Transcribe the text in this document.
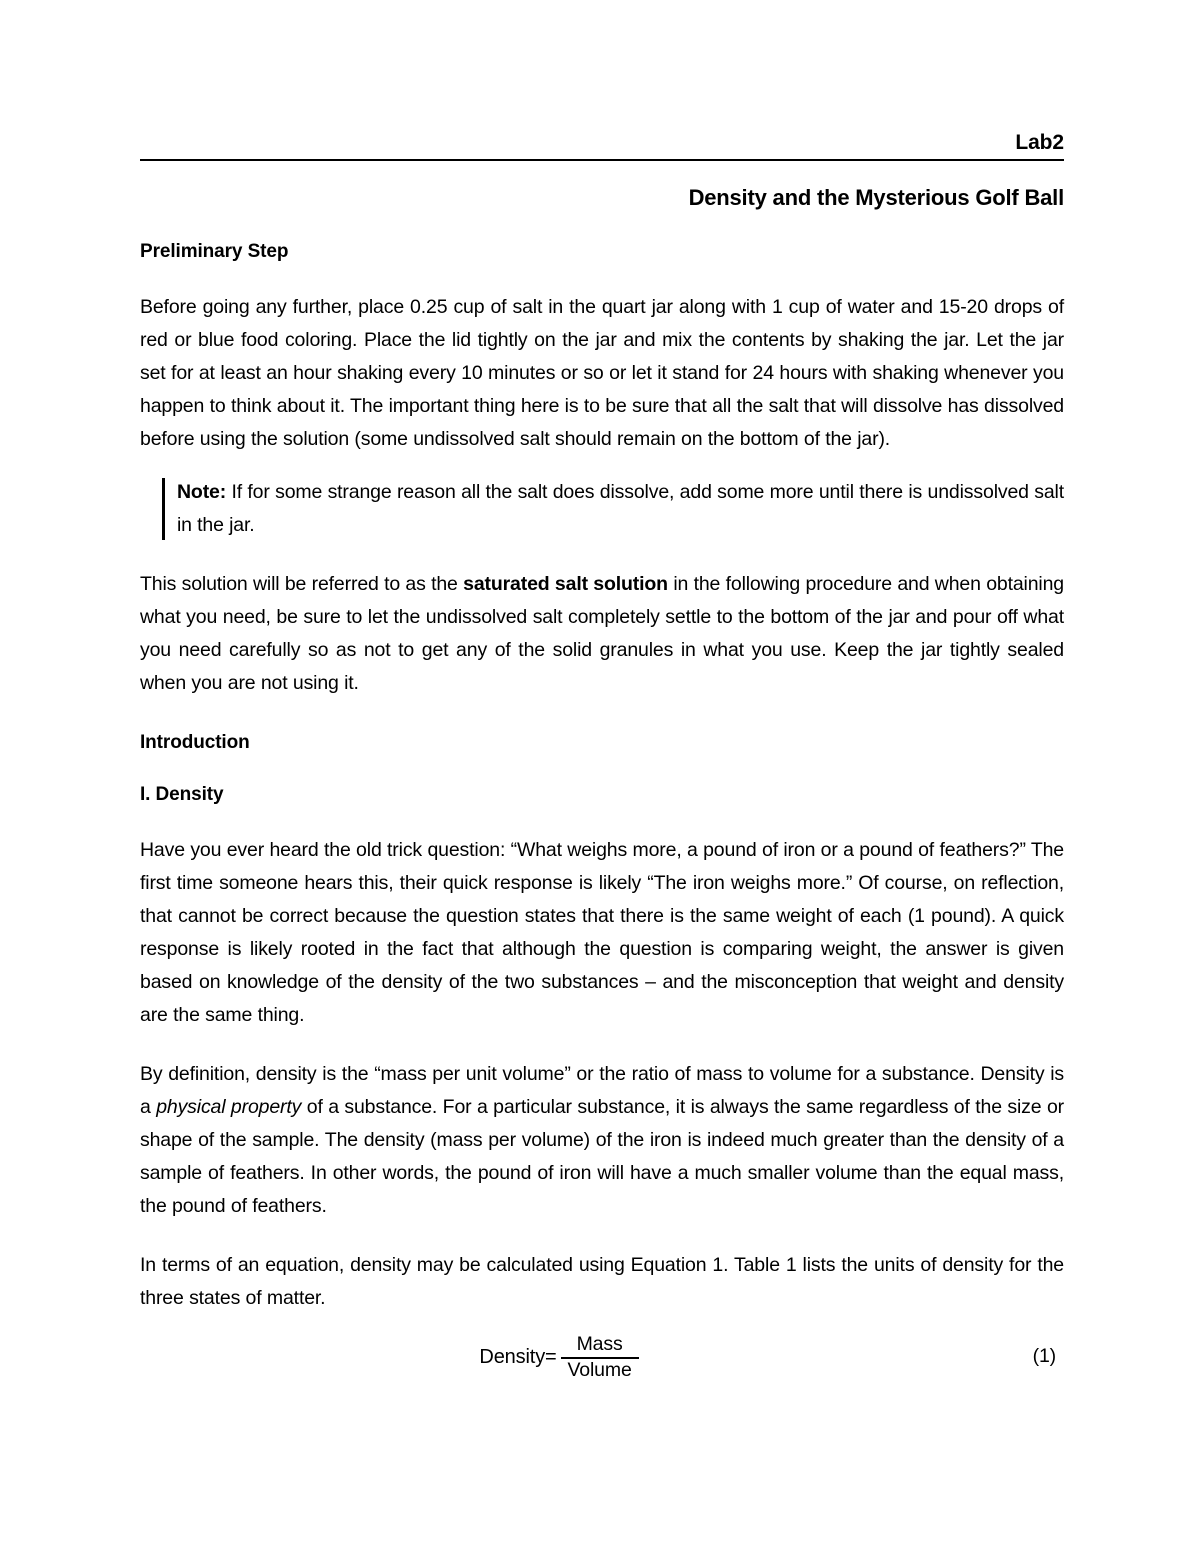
Lab2
Density and the Mysterious Golf Ball
Preliminary Step

Before going any further, place 0.25 cup of salt in the quart jar along with 1 cup of water and 15-20 drops of red or blue food coloring. Place the lid tightly on the jar and mix the contents by shaking the jar. Let the jar set for at least an hour shaking every 10 minutes or so or let it stand for 24 hours with shaking whenever you happen to think about it. The important thing here is to be sure that all the salt that will dissolve has dissolved before using the solution (some undissolved salt should remain on the bottom of the jar).

Note: If for some strange reason all the salt does dissolve, add some more until there is undissolved salt in the jar.

This solution will be referred to as the saturated salt solution in the following procedure and when obtaining what you need, be sure to let the undissolved salt completely settle to the bottom of the jar and pour off what you need carefully so as not to get any of the solid granules in what you use. Keep the jar tightly sealed when you are not using it.

Introduction
I. Density

Have you ever heard the old trick question: “What weighs more, a pound of iron or a pound of feathers?” The first time someone hears this, their quick response is likely “The iron weighs more.” Of course, on reflection, that cannot be correct because the question states that there is the same weight of each (1 pound). A quick response is likely rooted in the fact that although the question is comparing weight, the answer is given based on knowledge of the density of the two substances – and the misconception that weight and density are the same thing.

By definition, density is the “mass per unit volume” or the ratio of mass to volume for a substance. Density is a physical property of a substance. For a particular substance, it is always the same regardless of the size or shape of the sample. The density (mass per volume) of the iron is indeed much greater than the density of a sample of feathers. In other words, the pound of iron will have a much smaller volume than the equal mass, the pound of feathers.

In terms of an equation, density may be calculated using Equation 1. Table 1 lists the units of density for the three states of matter.

Density= $\frac{\text{Mass}}{\text{Volume}}$	(1)
